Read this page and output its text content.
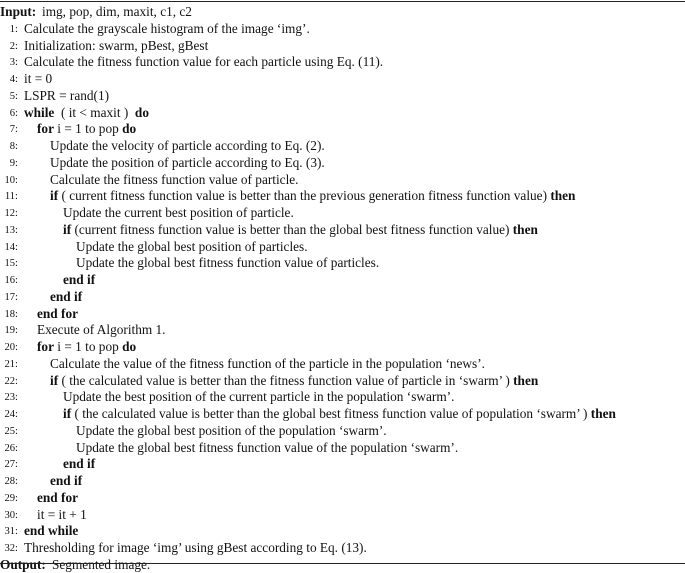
Input: img, pop, dim, maxit, c1, c2
1: Calculate the grayscale histogram of the image ‘img’.
2: Initialization: swarm, pBest, gBest
3: Calculate the fitness function value for each particle using Eq. (11).
4: it = 0
5: LSPR = rand(1)
6: while  ( it < maxit )  do
7: for i = 1 to pop do
8: Update the velocity of particle according to Eq. (2).
9: Update the position of particle according to Eq. (3).
10: Calculate the fitness function value of particle.
11: if ( current fitness function value is better than the previous generation fitness function value) then
12:	Update the current best position of particle.
13:	if (current fitness function value is better than the global best fitness function value) then
14:	Update the global best position of particles.
15:	Update the global best fitness function value of particles.
16:	end if
17: end if
18: end for
19: Execute of Algorithm 1.
20: for i = 1 to pop do
21: Calculate the value of the fitness function of the particle in the population ‘news’.
22: if ( the calculated value is better than the fitness function value of particle in ‘swarm’ ) then
23:	Update the best position of the current particle in the population ‘swarm’.
24:	if ( the calculated value is better than the global best fitness function value of population ‘swarm’ ) then
25:	Update the global best position of the population ‘swarm’.
26:	Update the global best fitness function value of the population ‘swarm’.
27:	end if
28: end if
29: end for
30: it = it + 1
31: end while
32: Thresholding for image ‘img’ using gBest according to Eq. (13).
Output: Segmented image.
